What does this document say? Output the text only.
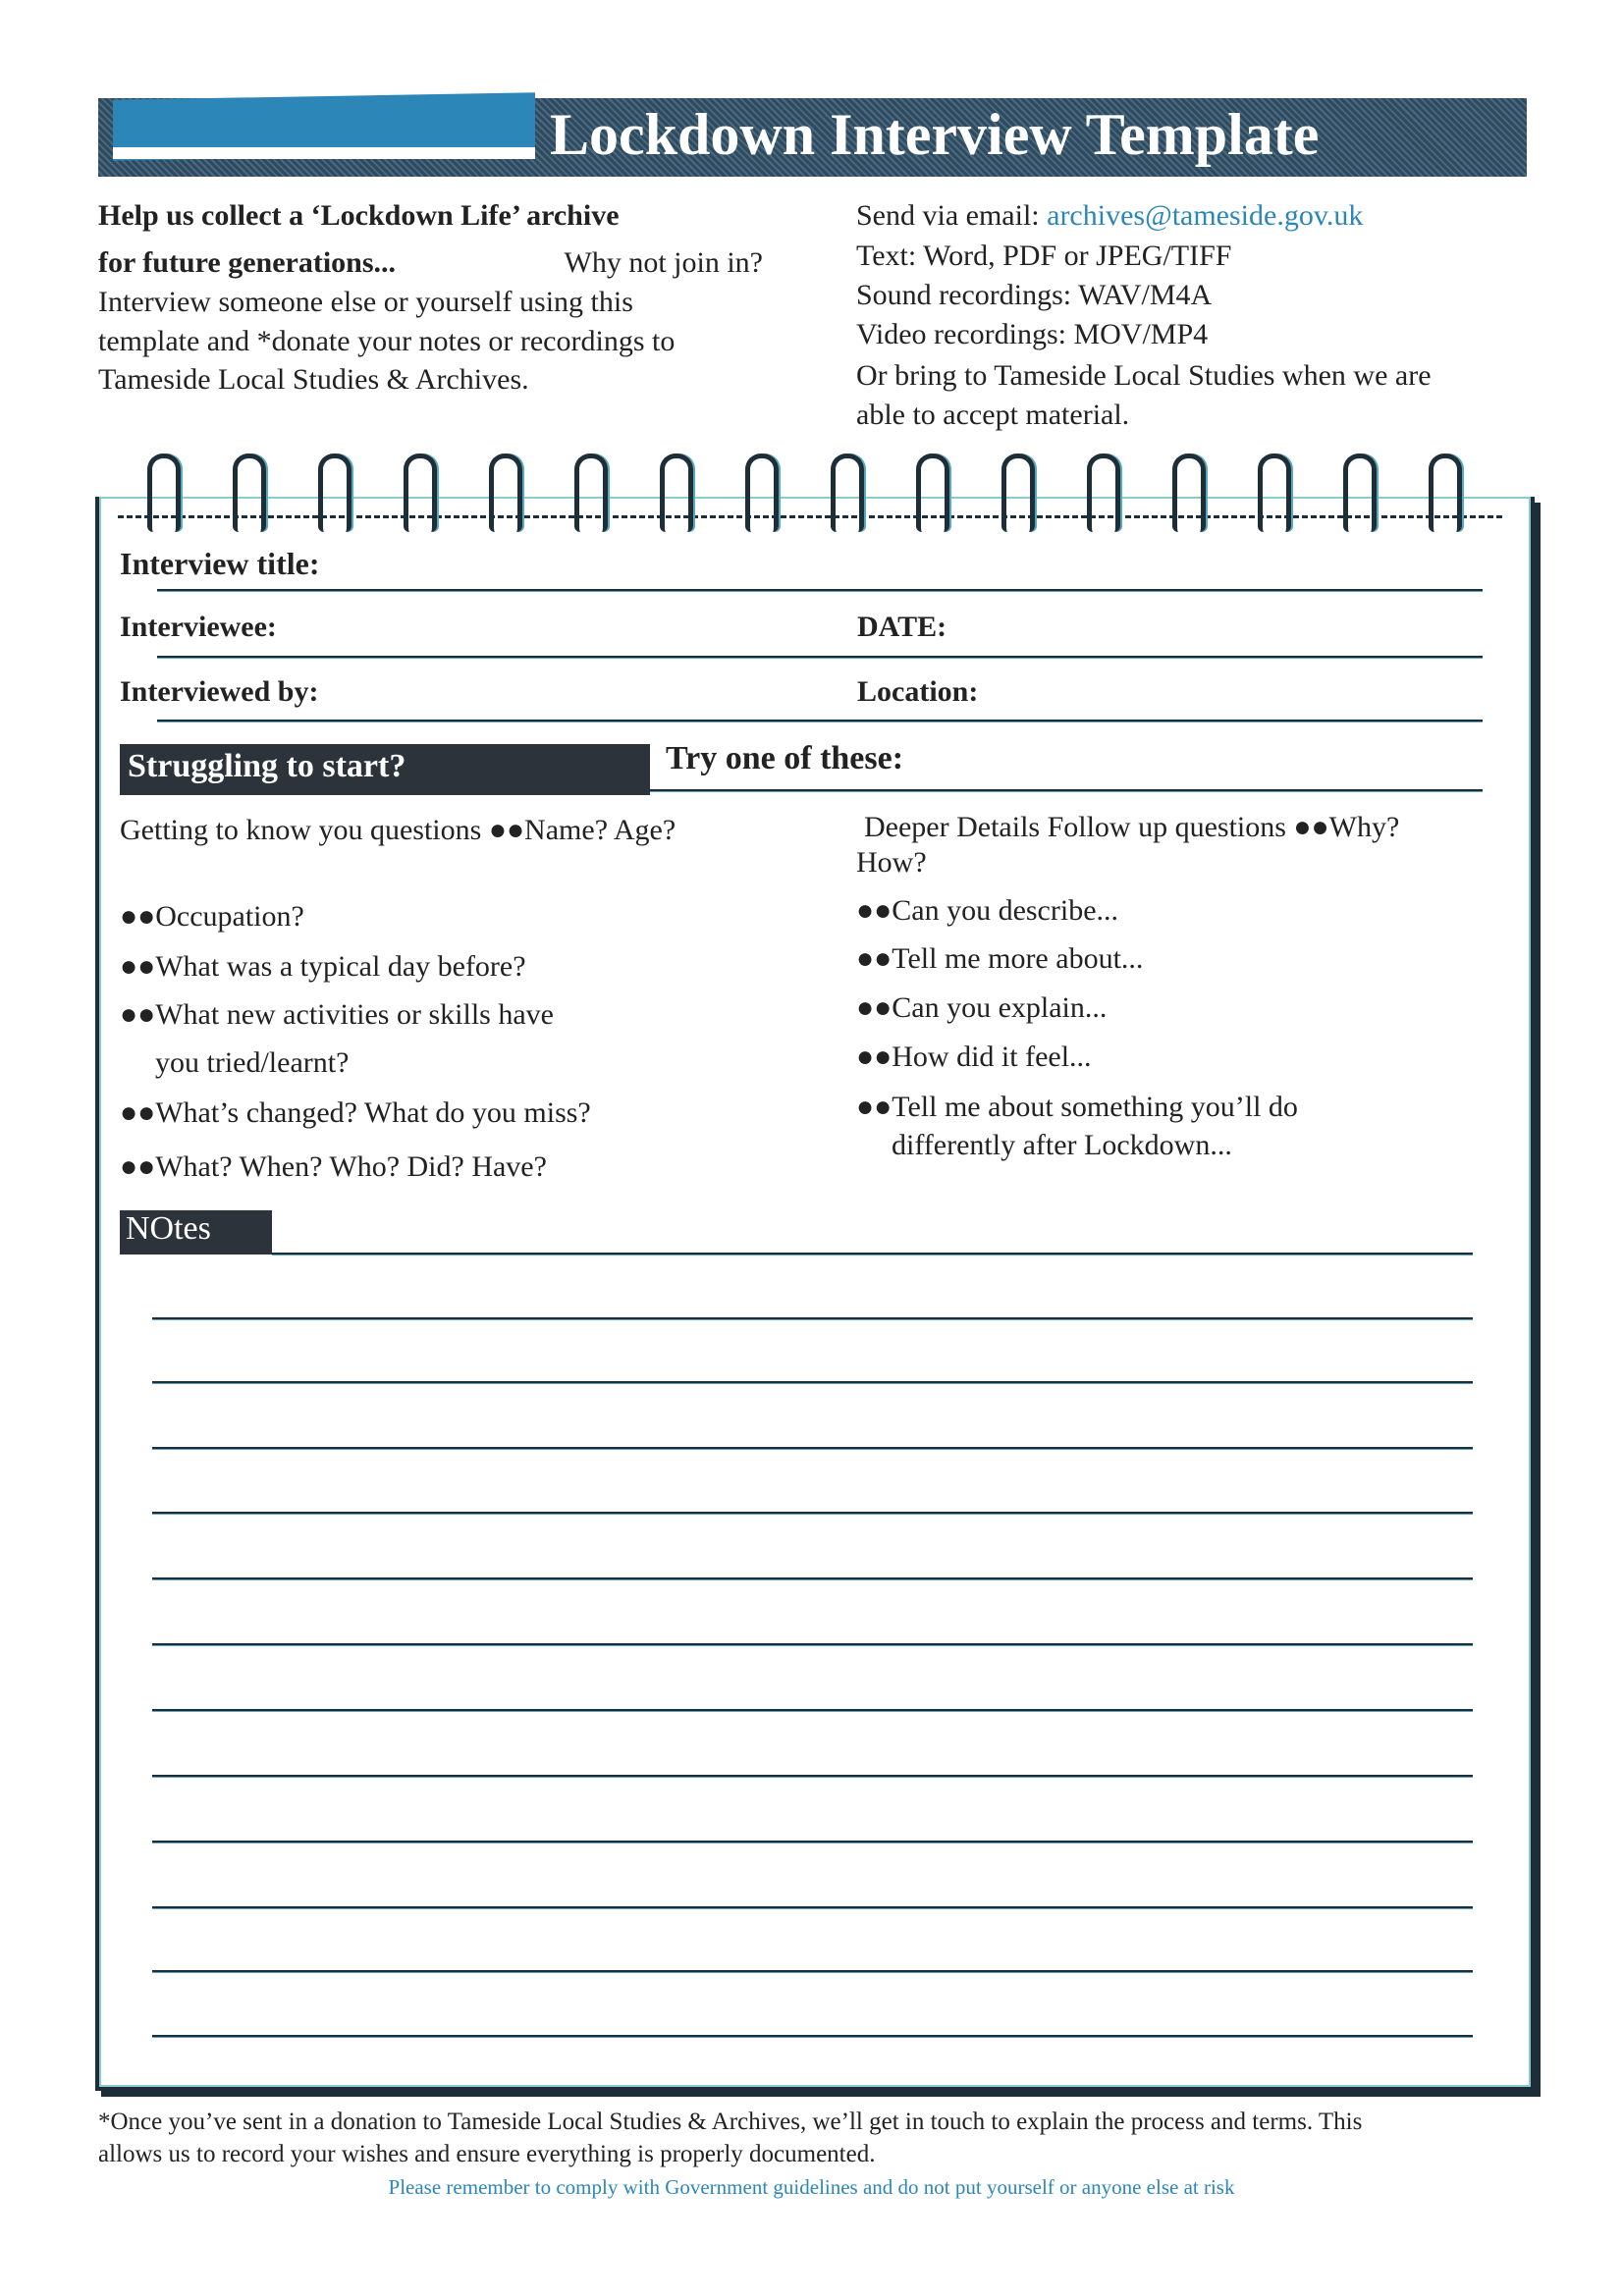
Lockdown Interview Template
Help us collect a ‘Lockdown Life’ archive
for future generations...	Why not join in?
Interview someone else or yourself using this
template and *donate your notes or recordings to
Tameside Local Studies & Archives.
Send via email: archives@tameside.gov.uk
Text: Word, PDF or JPEG/TIFF
Sound recordings: WAV/M4A
Video recordings: MOV/MP4
Or bring to Tameside Local Studies when we are
able to accept material.
Interview title:
Interviewee:	DATE:
Interviewed by:	Location:
Struggling to start?	Try one of these:
Getting to know you questions ●●Name? Age?
●●Occupation?
●●What was a typical day before?
●●What new activities or skills have
you tried/learnt?
●●What’s changed? What do you miss?
●●What? When? Who? Did? Have?
Deeper Details Follow up questions ●●Why?
How?
●●Can you describe...
●●Tell me more about...
●●Can you explain...
●●How did it feel...
●●Tell me about something you’ll do
differently after Lockdown...
NOtes
*Once you’ve sent in a donation to Tameside Local Studies & Archives, we’ll get in touch to explain the process and terms. This
allows us to record your wishes and ensure everything is properly documented.
Please remember to comply with Government guidelines and do not put yourself or anyone else at risk
